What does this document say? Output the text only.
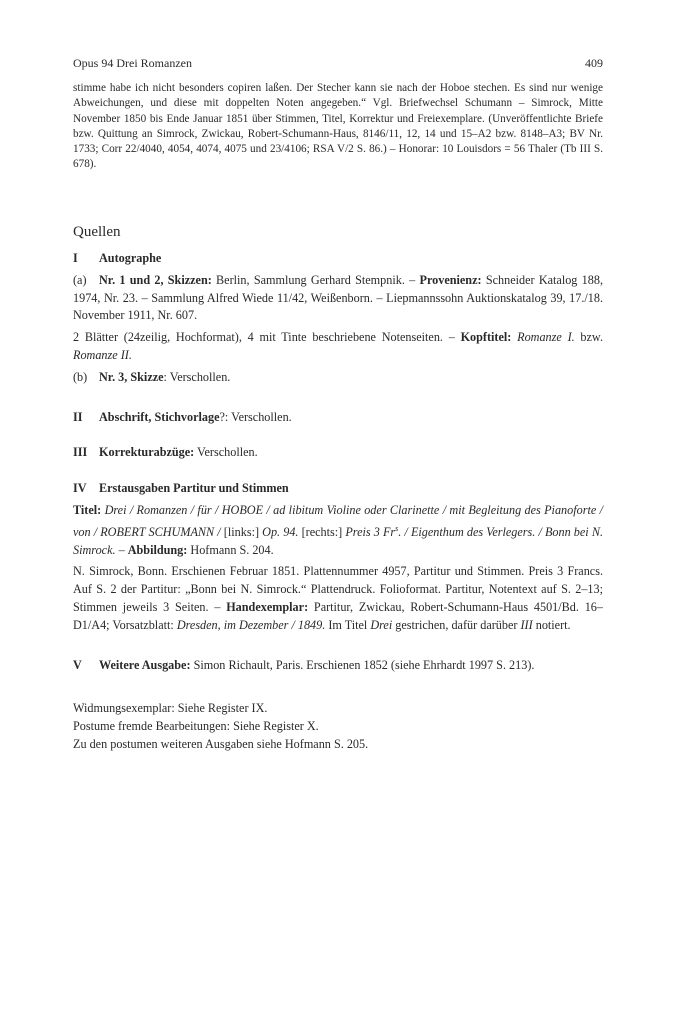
Opus 94 Drei Romanzen	409

stimme habe ich nicht besonders copiren laßen. Der Stecher kann sie nach der Hoboe stechen. Es sind nur wenige Abweichungen, und diese mit doppelten Noten angegeben.“ Vgl. Briefwechsel Schumann – Simrock, Mitte November 1850 bis Ende Januar 1851 über Stimmen, Titel, Korrektur und Freiexemplare. (Unveröffentlichte Briefe bzw. Quittung an Simrock, Zwickau, Robert-Schumann-Haus, 8146/11, 12, 14 und 15–A2 bzw. 8148–A3; BV Nr. 1733; Corr 22/4040, 4054, 4074, 4075 und 23/4106; RSA V/2 S. 86.) – Honorar: 10 Louisdors = 56 Thaler (Tb III S. 678).

Quellen
I	Autographe

(a) Nr. 1 und 2, Skizzen: Berlin, Sammlung Gerhard Stempnik. – Provenienz: Schneider Katalog 188, 1974, Nr. 23. – Sammlung Alfred Wiede 11/42, Weißenborn. – Liepmannssohn Auktionskatalog 39, 17./18. November 1911, Nr. 607.

2 Blätter (24zeilig, Hochformat), 4 mit Tinte beschriebene Notenseiten. – Kopftitel: Romanze I. bzw. Romanze II.

(b) Nr. 3, Skizze: Verschollen.

II Abschrift, Stichvorlage?: Verschollen.

III Korrekturabzüge: Verschollen.

IV	Erstausgaben Partitur und Stimmen

Titel: Drei / Romanzen / für / HOBOE / ad libitum Violine oder Clarinette / mit Begleitung des Pianoforte / von / ROBERT SCHUMANN / [links:] Op. 94. [rechts:] Preis 3 Fr$^s$. / Eigenthum des Verlegers. / Bonn bei N. Simrock. – Abbildung: Hofmann S. 204.

N. Simrock, Bonn. Erschienen Februar 1851. Plattennummer 4957, Partitur und Stimmen. Preis 3 Francs. Auf S. 2 der Partitur: „Bonn bei N. Simrock.“ Plattendruck. Folioformat. Partitur, Notentext auf S. 2–13; Stimmen jeweils 3 Seiten. – Handexemplar: Partitur, Zwickau, Robert-Schumann-Haus 4501/Bd. 16–D1/A4; Vorsatzblatt: Dresden, im Dezember / 1849. Im Titel Drei gestrichen, dafür darüber III notiert.

V Weitere Ausgabe: Simon Richault, Paris. Erschienen 1852 (siehe Ehrhardt 1997 S. 213).

Widmungsexemplar: Siehe Register IX.
Postume fremde Bearbeitungen: Siehe Register X.
Zu den postumen weiteren Ausgaben siehe Hofmann S. 205.
